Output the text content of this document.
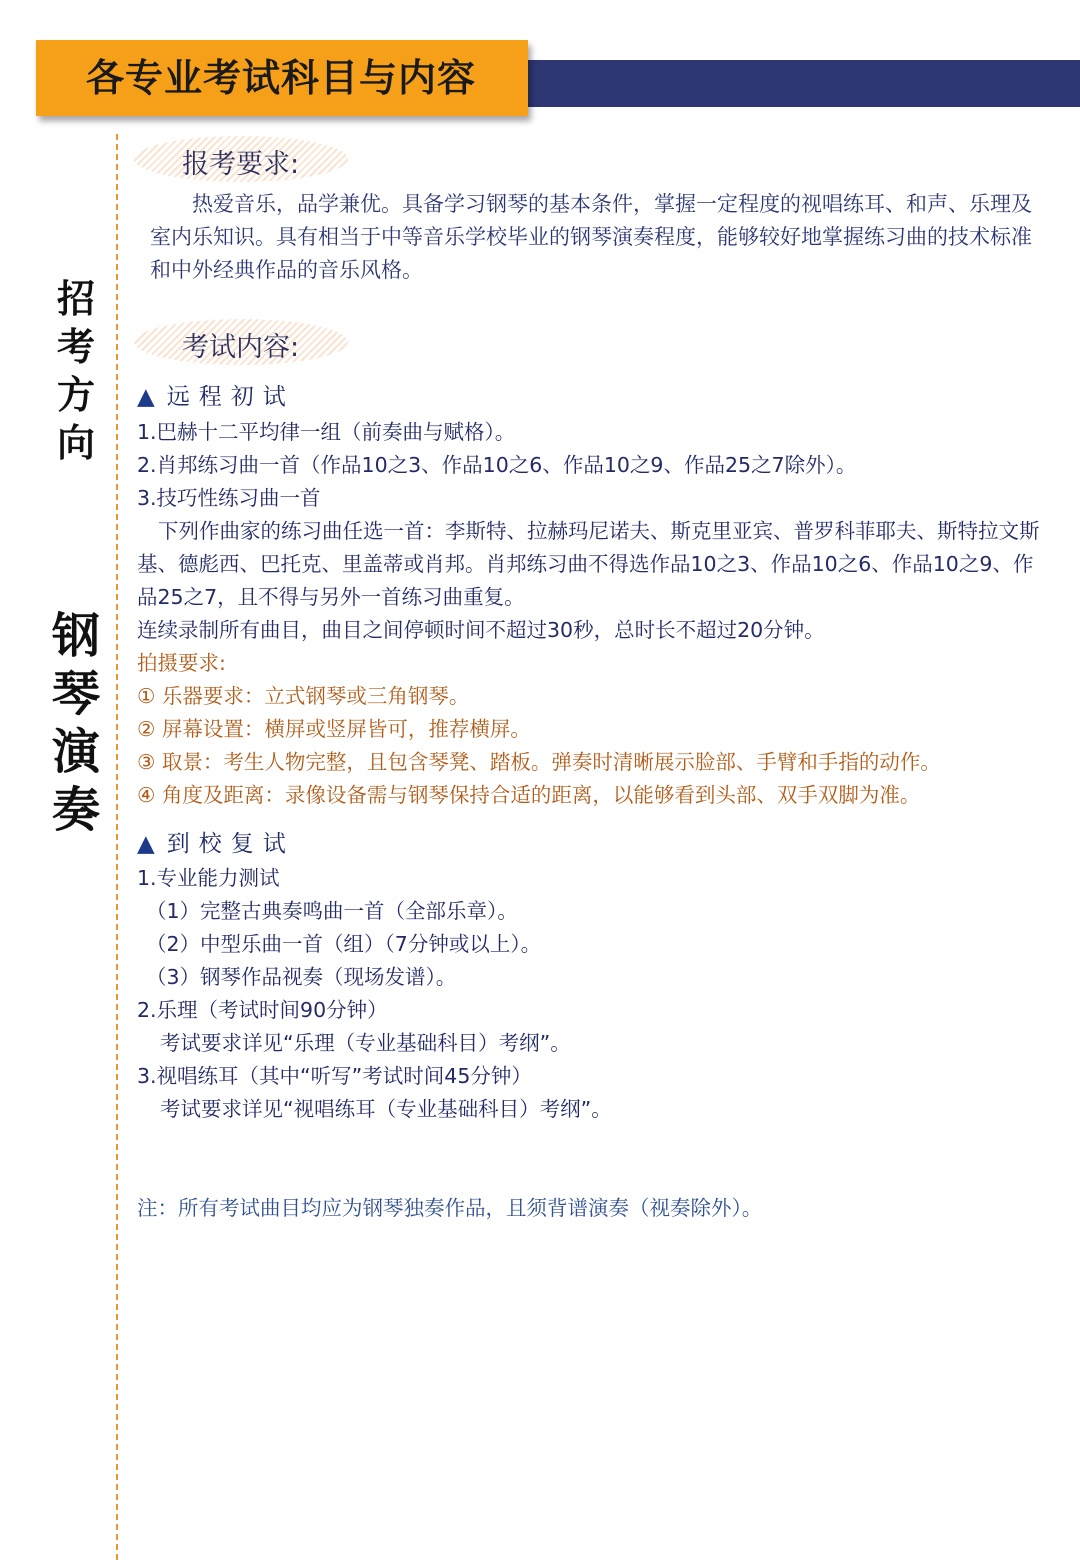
12
各专业考试科目与内容
招
考
方
向
钢
琴
演
奏
报考要求:
热爱音乐，品学兼优。具备学习钢琴的基本条件，掌握一定程度的视唱练耳、和声、乐理及室内乐知识。具有相当于中等音乐学校毕业的钢琴演奏程度，能够较好地掌握练习曲的技术标准和中外经典作品的音乐风格。
考试内容:
▲ 远程初试
1.巴赫十二平均律一组（前奏曲与赋格）。
2.肖邦练习曲一首（作品10之3、作品10之6、作品10之9、作品25之7除外）。
3.技巧性练习曲一首
下列作曲家的练习曲任选一首：李斯特、拉赫玛尼诺夫、斯克里亚宾、普罗科菲耶夫、斯特拉文斯基、德彪西、巴托克、里盖蒂或肖邦。肖邦练习曲不得选作品10之3、作品10之6、作品10之9、作品25之7，且不得与另外一首练习曲重复。
连续录制所有曲目，曲目之间停顿时间不超过30秒，总时长不超过20分钟。
拍摄要求:
① 乐器要求：立式钢琴或三角钢琴。
② 屏幕设置：横屏或竖屏皆可，推荐横屏。
③ 取景：考生人物完整，且包含琴凳、踏板。弹奏时清晰展示脸部、手臂和手指的动作。
④ 角度及距离：录像设备需与钢琴保持合适的距离，以能够看到头部、双手双脚为准。
▲ 到校复试
1.专业能力测试
（1）完整古典奏鸣曲一首（全部乐章）。
（2）中型乐曲一首（组）（7分钟或以上）。
（3）钢琴作品视奏（现场发谱）。
2.乐理（考试时间90分钟）
考试要求详见“乐理（专业基础科目）考纲”。
3.视唱练耳（其中“听写”考试时间45分钟）
考试要求详见“视唱练耳（专业基础科目）考纲”。
注：所有考试曲目均应为钢琴独奏作品，且须背谱演奏（视奏除外）。
